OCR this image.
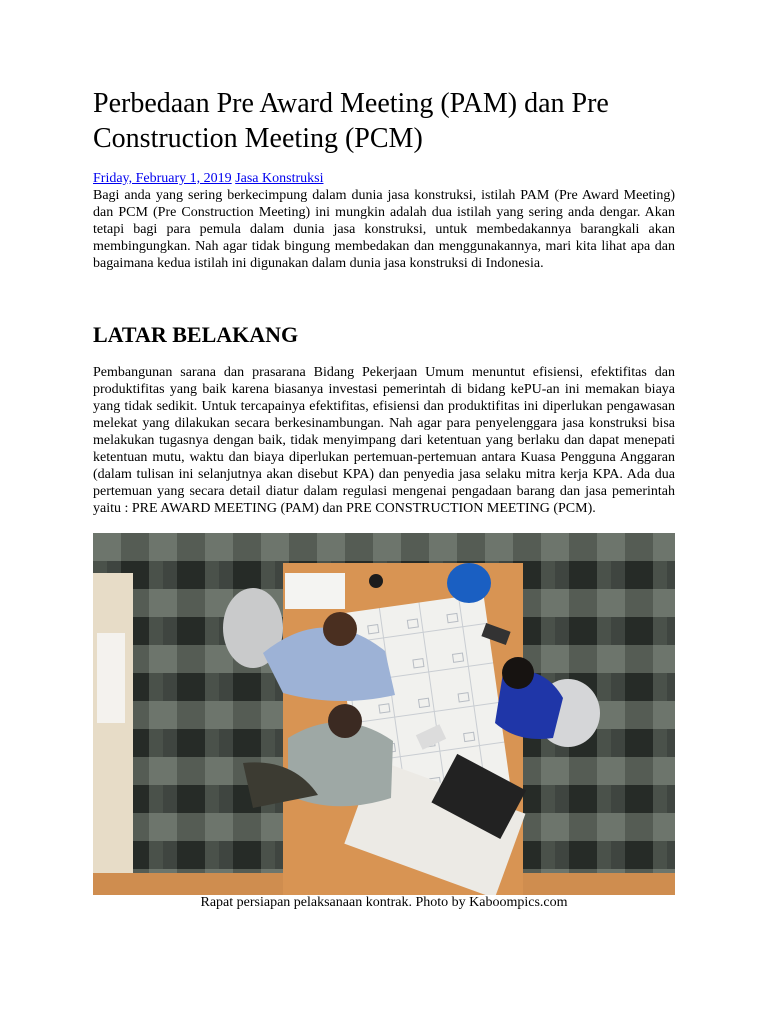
Perbedaan Pre Award Meeting (PAM) dan Pre Construction Meeting (PCM)
Friday, February 1, 2019 Jasa Konstruksi

Bagi anda yang sering berkecimpung dalam dunia jasa konstruksi, istilah PAM (Pre Award Meeting) dan PCM (Pre Construction Meeting) ini mungkin adalah dua istilah yang sering anda dengar. Akan tetapi bagi para pemula dalam dunia jasa konstruksi, untuk membedakannya barangkali akan membingungkan. Nah agar tidak bingung membedakan dan menggunakannya, mari kita lihat apa dan bagaimana kedua istilah ini digunakan dalam dunia jasa konstruksi di Indonesia.

LATAR BELAKANG

Pembangunan sarana dan prasarana Bidang Pekerjaan Umum menuntut efisiensi, efektifitas dan produktifitas yang baik karena biasanya investasi pemerintah di bidang kePU-an ini memakan biaya yang tidak sedikit. Untuk tercapainya efektifitas, efisiensi dan produktifitas ini diperlukan pengawasan melekat yang dilakukan secara berkesinambungan. Nah agar para penyelenggara jasa konstruksi bisa melakukan tugasnya dengan baik, tidak menyimpang dari ketentuan yang berlaku dan dapat menepati ketentuan mutu, waktu dan biaya diperlukan pertemuan-pertemuan antara Kuasa Pengguna Anggaran (dalam tulisan ini selanjutnya akan disebut KPA) dan penyedia jasa selaku mitra kerja KPA. Ada dua pertemuan yang secara detail diatur dalam regulasi mengenai pengadaan barang dan jasa pemerintah yaitu : PRE AWARD MEETING (PAM) dan PRE CONSTRUCTION MEETING (PCM).

Rapat persiapan pelaksanaan kontrak. Photo by Kaboompics.com
